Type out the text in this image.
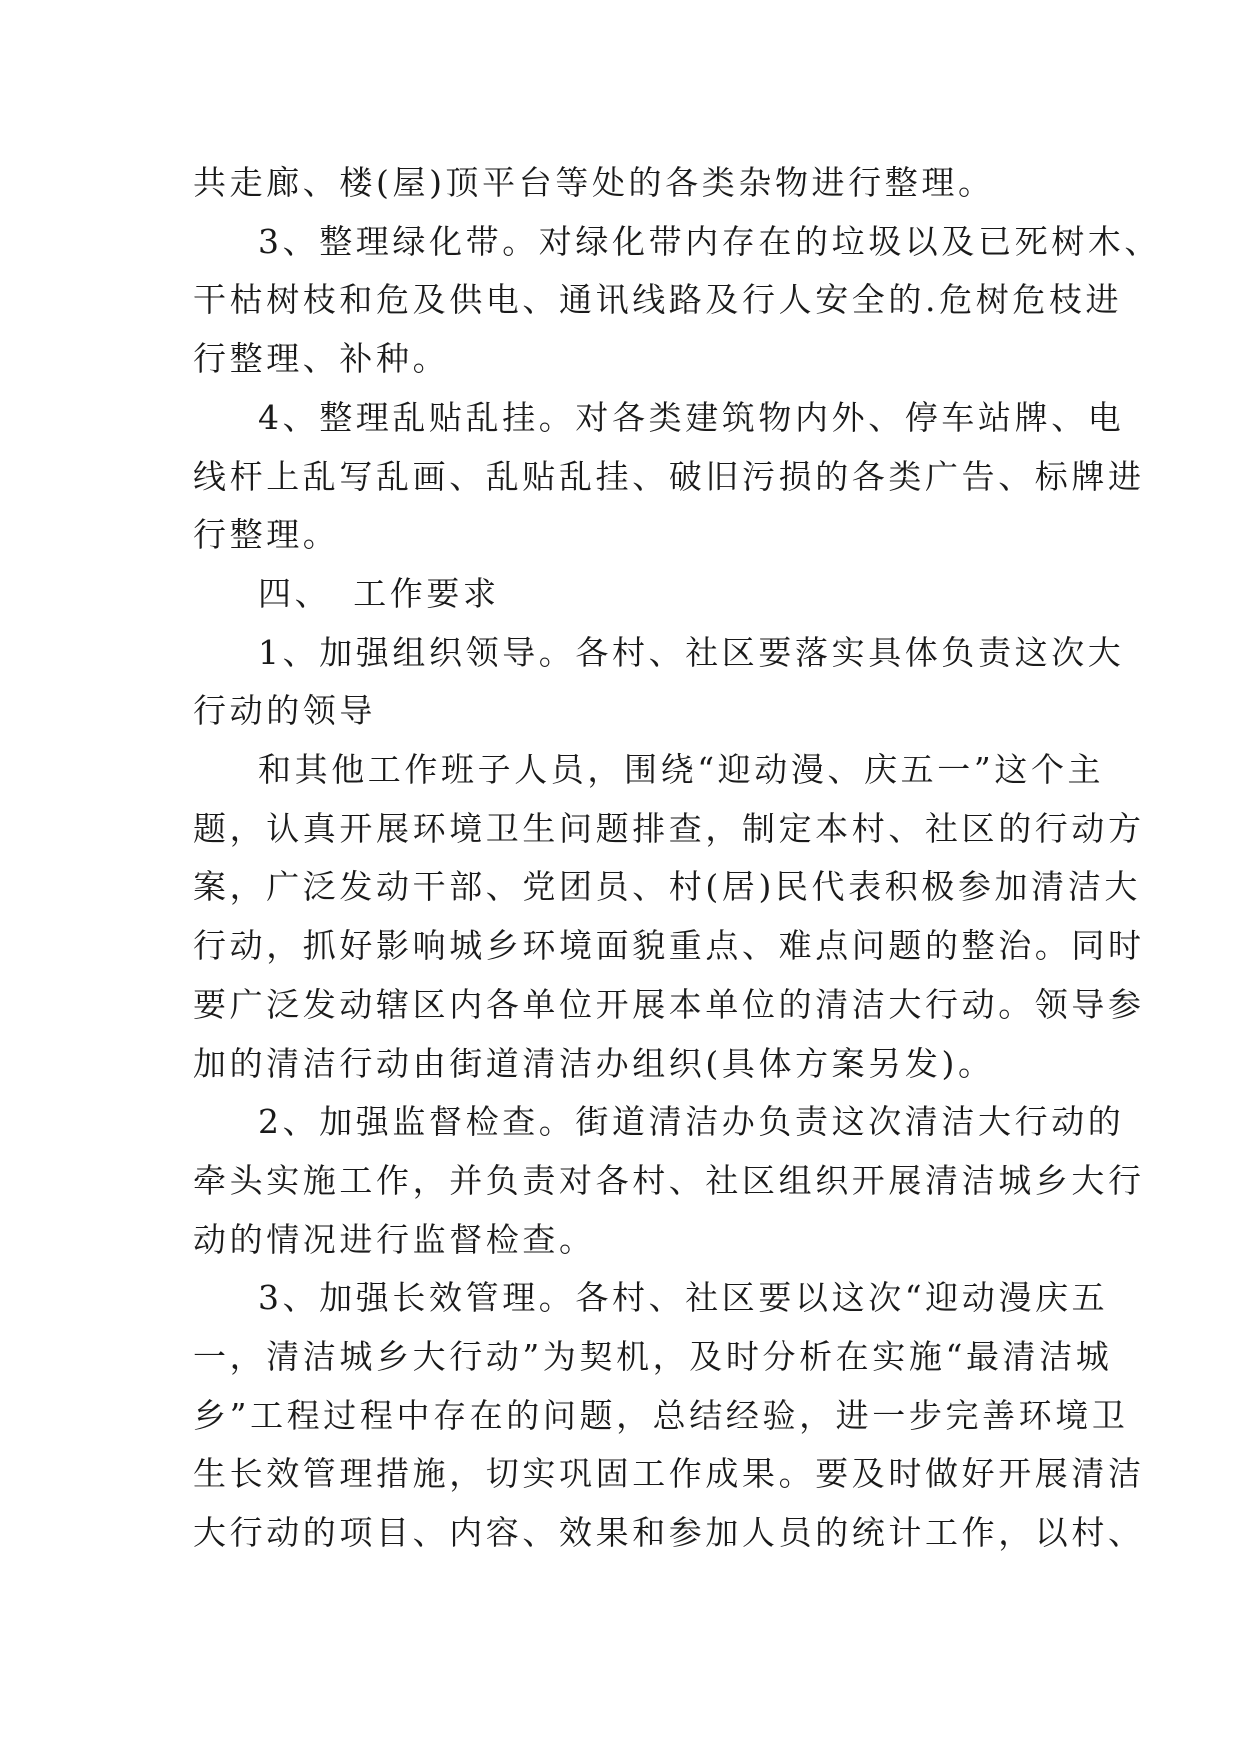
共走廊、楼(屋)顶平台等处的各类杂物进行整理。

3、整理绿化带。对绿化带内存在的垃圾以及已死树木、

干枯树枝和危及供电、通讯线路及行人安全的.危树危枝进

行整理、补种。

4、整理乱贴乱挂。对各类建筑物内外、停车站牌、电

线杆上乱写乱画、乱贴乱挂、破旧污损的各类广告、标牌进

行整理。

四、 工作要求

1、加强组织领导。各村、社区要落实具体负责这次大

行动的领导

和其他工作班子人员，围绕“迎动漫、庆五一”这个主

题，认真开展环境卫生问题排查，制定本村、社区的行动方

案，广泛发动干部、党团员、村(居)民代表积极参加清洁大

行动，抓好影响城乡环境面貌重点、难点问题的整治。同时

要广泛发动辖区内各单位开展本单位的清洁大行动。领导参

加的清洁行动由街道清洁办组织(具体方案另发)。

2、加强监督检查。街道清洁办负责这次清洁大行动的

牵头实施工作，并负责对各村、社区组织开展清洁城乡大行

动的情况进行监督检查。

3、加强长效管理。各村、社区要以这次“迎动漫庆五

一，清洁城乡大行动”为契机，及时分析在实施“最清洁城

乡”工程过程中存在的问题，总结经验，进一步完善环境卫

生长效管理措施，切实巩固工作成果。要及时做好开展清洁

大行动的项目、内容、效果和参加人员的统计工作，以村、
